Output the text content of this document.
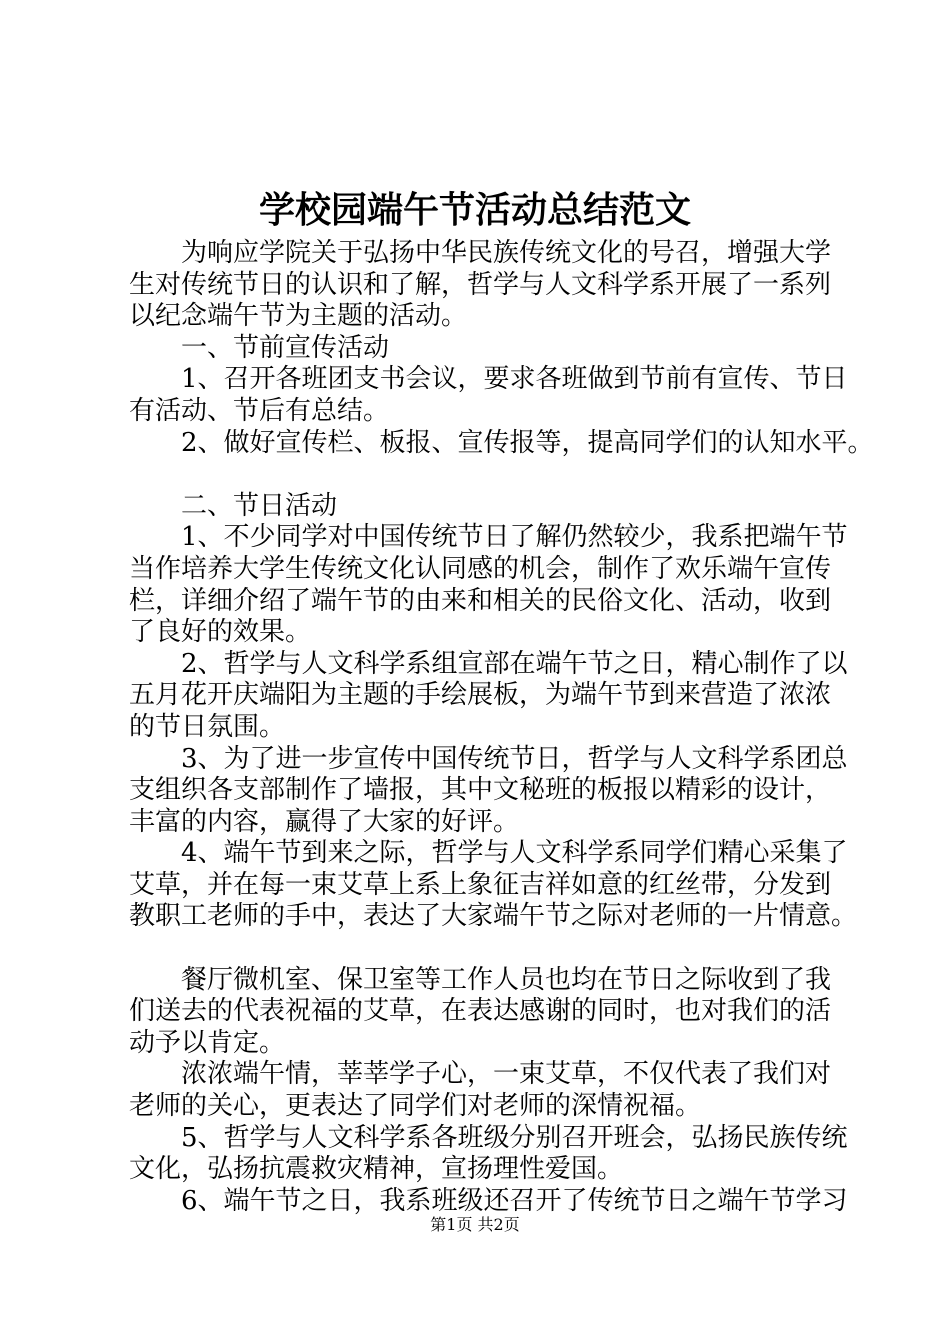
学校园端午节活动总结范文
　　为响应学院关于弘扬中华民族传统文化的号召，增强大学
生对传统节日的认识和了解，哲学与人文科学系开展了一系列
以纪念端午节为主题的活动。
　　一、节前宣传活动
　　1、召开各班团支书会议，要求各班做到节前有宣传、节日
有活动、节后有总结。
　　2、做好宣传栏、板报、宣传报等，提高同学们的认知水平。
　　二、节日活动
　　1、不少同学对中国传统节日了解仍然较少，我系把端午节
当作培养大学生传统文化认同感的机会，制作了欢乐端午宣传
栏，详细介绍了端午节的由来和相关的民俗文化、活动，收到
了良好的效果。
　　2、哲学与人文科学系组宣部在端午节之日，精心制作了以
五月花开庆端阳为主题的手绘展板，为端午节到来营造了浓浓
的节日氛围。
　　3、为了进一步宣传中国传统节日，哲学与人文科学系团总
支组织各支部制作了墙报，其中文秘班的板报以精彩的设计，
丰富的内容，赢得了大家的好评。
　　4、端午节到来之际，哲学与人文科学系同学们精心采集了
艾草，并在每一束艾草上系上象征吉祥如意的红丝带，分发到
教职工老师的手中，表达了大家端午节之际对老师的一片情意。
　　餐厅微机室、保卫室等工作人员也均在节日之际收到了我
们送去的代表祝福的艾草，在表达感谢的同时，也对我们的活
动予以肯定。
　　浓浓端午情，莘莘学子心，一束艾草，不仅代表了我们对
老师的关心，更表达了同学们对老师的深情祝福。
　　5、哲学与人文科学系各班级分别召开班会，弘扬民族传统
文化，弘扬抗震救灾精神，宣扬理性爱国。
　　6、端午节之日，我系班级还召开了传统节日之端午节学习
第1页 共2页
